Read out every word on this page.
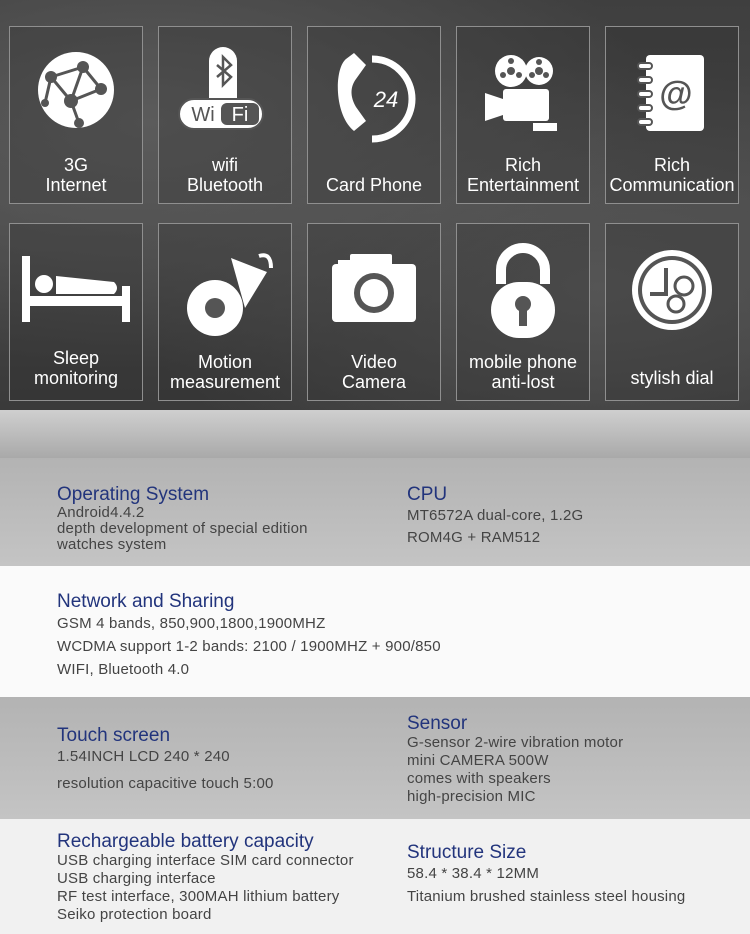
3G
Internet
Wi Fi
wifi
Bluetooth
24
Card Phone
Rich
Entertainment
@
Rich
Communication
Sleep
monitoring
Motion
measurement
Video
Camera
mobile phone
anti-lost	stylish dial
Operating System
Android4.4.2
depth development of special edition
watches system
CPU
MT6572A dual-core, 1.2G
ROM4G + RAM512
Network and Sharing
GSM 4 bands, 850,900,1800,1900MHZ
WCDMA support 1-2 bands: 2100 / 1900MHZ + 900/850
WIFI, Bluetooth 4.0
Touch screen
1.54INCH LCD 240 * 240
resolution capacitive touch 5:00
Sensor
G-sensor 2-wire vibration motor
mini CAMERA 500W
comes with speakers
high-precision MIC
Rechargeable battery capacity
USB charging interface SIM card connector
USB charging interface
RF test interface, 300MAH lithium battery
Seiko protection board
Structure Size
58.4 * 38.4 * 12MM
Titanium brushed stainless steel housing
